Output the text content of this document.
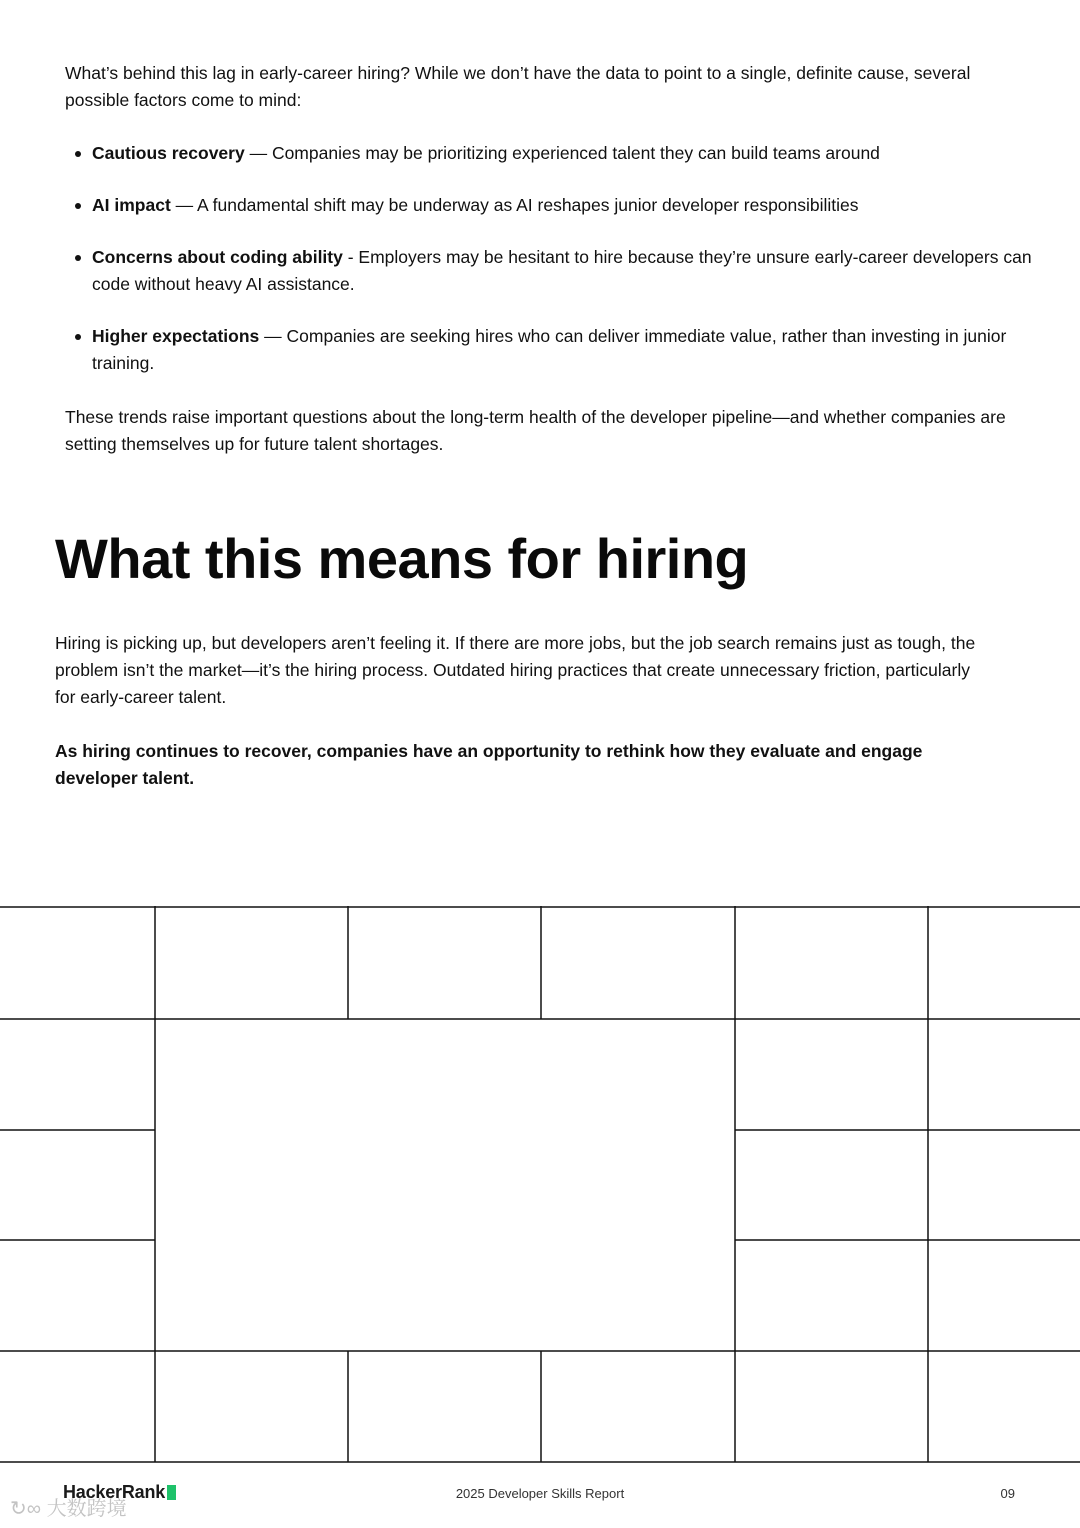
What’s behind this lag in early-career hiring? While we don’t have the data to point to a single, definite cause, several possible factors come to mind:

Cautious recovery — Companies may be prioritizing experienced talent they can build teams around
AI impact — A fundamental shift may be underway as AI reshapes junior developer responsibilities
Concerns about coding ability - Employers may be hesitant to hire because they’re unsure early-career developers can code without heavy AI assistance.
Higher expectations — Companies are seeking hires who can deliver immediate value, rather than investing in junior training.

These trends raise important questions about the long-term health of the developer pipeline—and whether companies are setting themselves up for future talent shortages.

What this means for hiring

Hiring is picking up, but developers aren’t feeling it. If there are more jobs, but the job search remains just as tough, the problem isn’t the market—it’s the hiring process. Outdated hiring practices that create unnecessary friction, particularly for early-career talent.

As hiring continues to recover, companies have an opportunity to rethink how they evaluate and engage developer talent.

HackerRank	2025 Developer Skills Report	09
↻∞ 大数跨境
